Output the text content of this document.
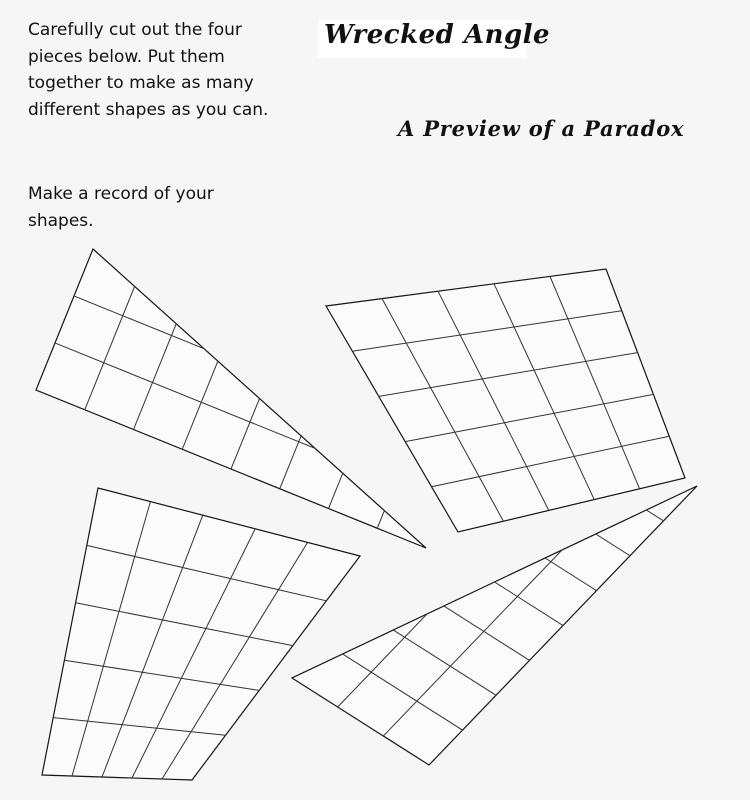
Carefully cut out the four pieces below. Put them together to make as many different shapes as you can.

Make a record of your shapes.

Wrecked Angle
A Preview of a Paradox
